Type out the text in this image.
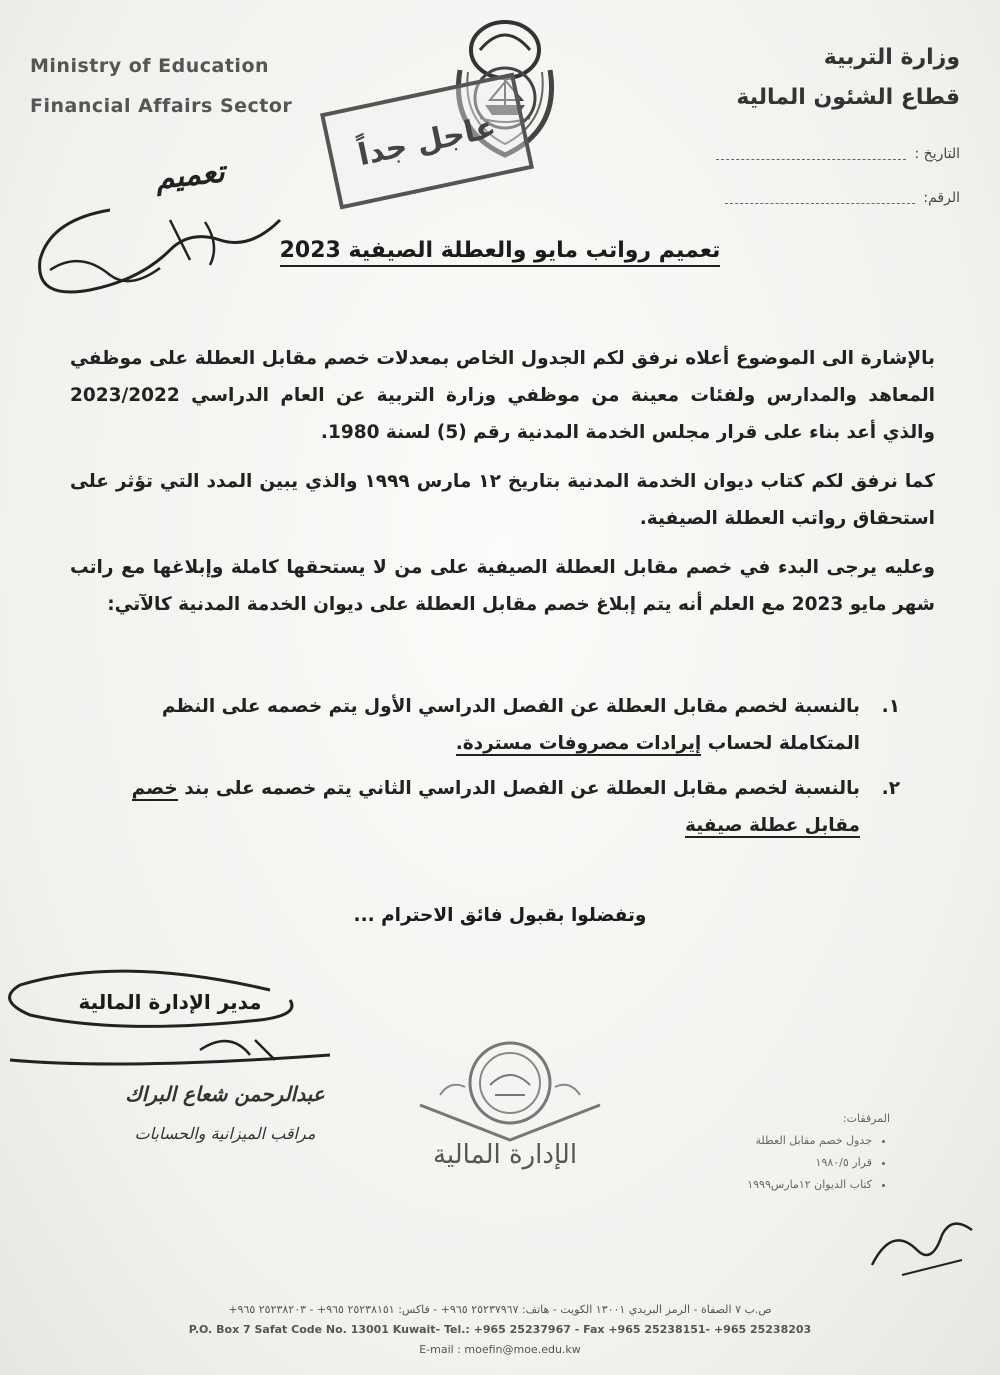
Ministry of Education
Financial Affairs Sector
وزارة التربية
قطاع الشئون المالية
عاجل جداً	التاريخ :
الرقم:
تعميم
تعميم رواتب مايو والعطلة الصيفية 2023

بالإشارة الى الموضوع أعلاه نرفق لكم الجدول الخاص بمعدلات خصم مقابل العطلة على موظفي المعاهد والمدارس ولفئات معينة من موظفي وزارة التربية عن العام الدراسي 2023/2022 والذي أعد بناء على قرار مجلس الخدمة المدنية رقم (5) لسنة 1980.

كما نرفق لكم كتاب ديوان الخدمة المدنية بتاريخ ١٢ مارس ١٩٩٩ والذي يبين المدد التي تؤثر على استحقاق رواتب العطلة الصيفية.

وعليه يرجى البدء في خصم مقابل العطلة الصيفية على من لا يستحقها كاملة وإبلاغها مع راتب شهر مايو 2023 مع العلم أنه يتم إبلاغ خصم مقابل العطلة على ديوان الخدمة المدنية كالآتي:

١.
بالنسبة لخصم مقابل العطلة عن الفصل الدراسي الأول يتم خصمه على النظم المتكاملة لحساب إيرادات مصروفات مستردة.
٢.
بالنسبة لخصم مقابل العطلة عن الفصل الدراسي الثاني يتم خصمه على بند خصم مقابل عطلة صيفية
وتفضلوا بقبول فائق الاحترام ...
مدير الإدارة المالية
عبدالرحمن شعاع البراك
مراقب الميزانية والحسابات
الإدارة المالية
المرفقات:
• جدول خصم مقابل العطلة
• قرار ١٩٨٠/٥
• كتاب الديوان ١٢مارس١٩٩٩
ص.ب ٧ الصفاة - الرمز البريدي ١٣٠٠١ الكويت - هاتف: ٢٥٢٣٧٩٦٧ ٩٦٥+ - فاكس: ٢٥٢٣٨١٥١ ٩٦٥+ - ٢٥٢٣٨٢٠٣ ٩٦٥+
P.O. Box 7 Safat Code No. 13001 Kuwait- Tel.: +965 25237967 - Fax +965 25238151- +965 25238203
E-mail : moefin@moe.edu.kw
